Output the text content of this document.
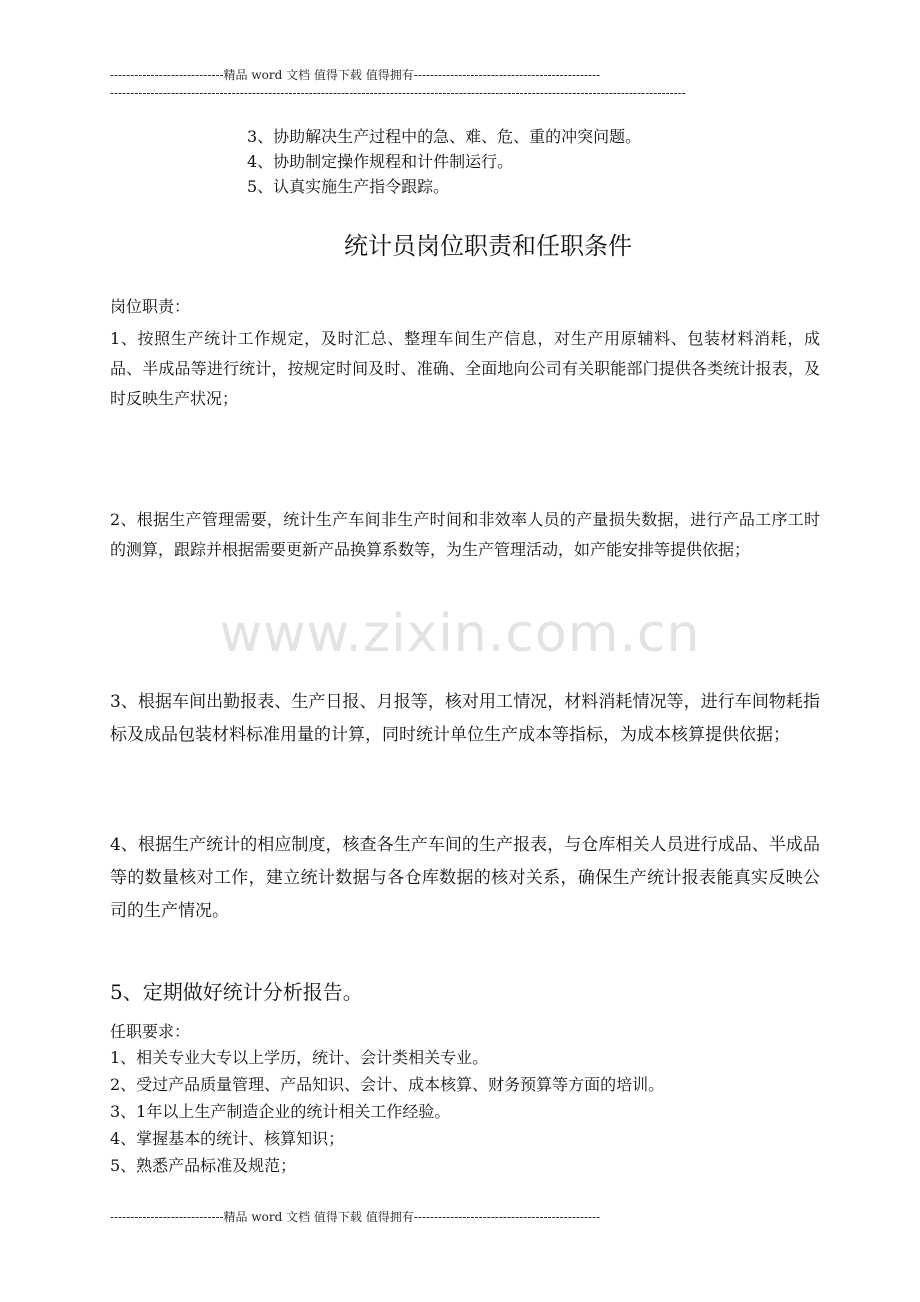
----------------------------精品 word 文档 值得下载 值得拥有----------------------------------------------
----------------------------------------------------------------------------------------------------------------------------------------------
3、协助解决生产过程中的急、难、危、重的冲突问题。
4、协助制定操作规程和计件制运行。
5、认真实施生产指令跟踪。
统计员岗位职责和任职条件
岗位职责：
1、按照生产统计工作规定，及时汇总、整理车间生产信息，对生产用原辅料、包装材料消耗，成品、半成品等进行统计，按规定时间及时、准确、全面地向公司有关职能部门提供各类统计报表，及时反映生产状况；
2、根据生产管理需要，统计生产车间非生产时间和非效率人员的产量损失数据，进行产品工序工时的测算，跟踪并根据需要更新产品换算系数等，为生产管理活动，如产能安排等提供依据；
www.zixin.com.cn
3、根据车间出勤报表、生产日报、月报等，核对用工情况，材料消耗情况等，进行车间物耗指标及成品包装材料标准用量的计算，同时统计单位生产成本等指标，为成本核算提供依据；
4、根据生产统计的相应制度，核查各生产车间的生产报表，与仓库相关人员进行成品、半成品等的数量核对工作，建立统计数据与各仓库数据的核对关系，确保生产统计报表能真实反映公司的生产情况。
5、定期做好统计分析报告。
任职要求：
1、相关专业大专以上学历，统计、会计类相关专业。
2、受过产品质量管理、产品知识、会计、成本核算、财务预算等方面的培训。
3、1年以上生产制造企业的统计相关工作经验。
4、掌握基本的统计、核算知识；
5、熟悉产品标准及规范；
----------------------------精品 word 文档 值得下载 值得拥有----------------------------------------------
